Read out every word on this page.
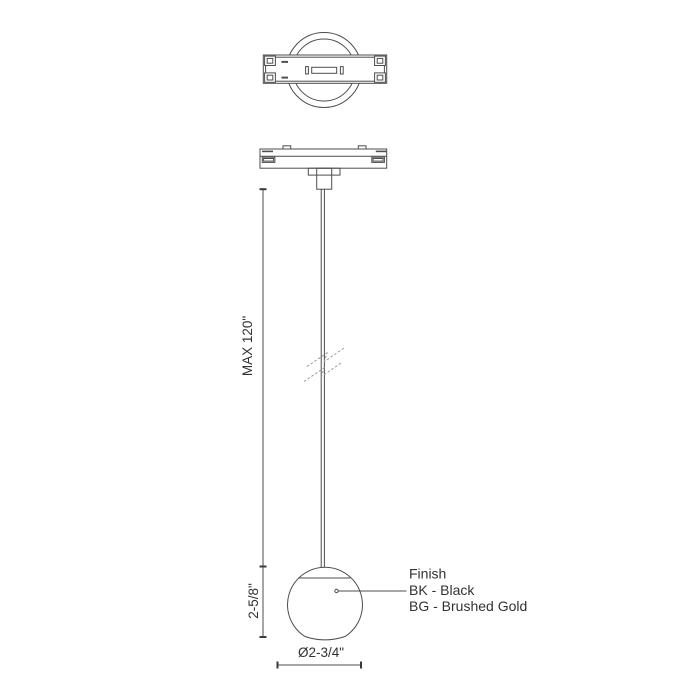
Finish
BK - Black
BG - Brushed Gold
MAX 120"
2-5/8"
Ø2-3/4"
